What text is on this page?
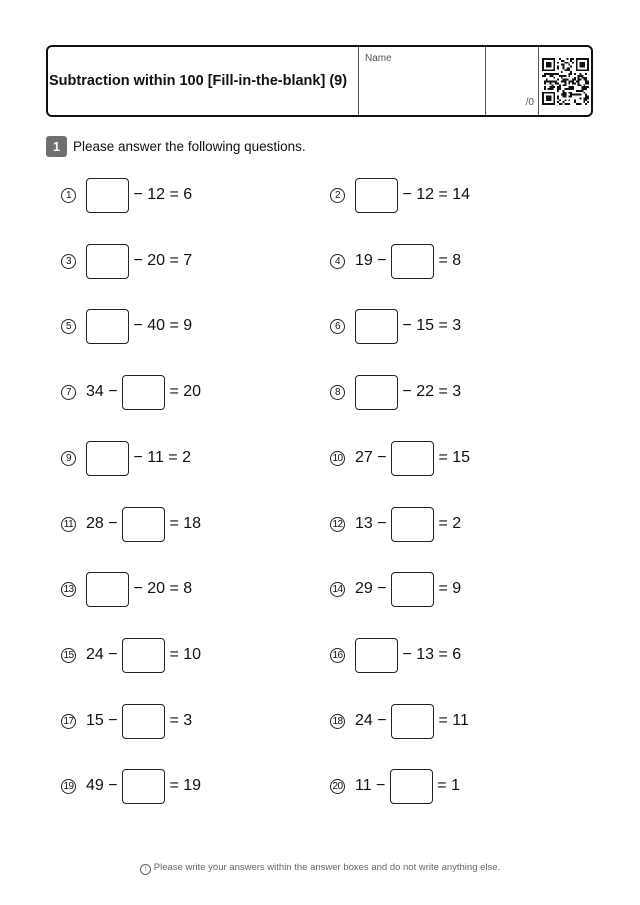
Subtraction within 100 [Fill-in-the-blank] (9)
Name
/0
1 Please answer the following questions.
1	− 12 = 6	2	− 12 = 14
3	− 20 = 7	4 19 −	= 8
5	− 40 = 9	6	− 15 = 3
7 34 −	= 20	8	− 22 = 3
9	− 11 = 2	10 27 −	= 15
11 28 −	= 18	12 13 −	= 2
13	− 20 = 8	14 29 −	= 9
15 24 −	= 10	16	− 13 = 6
17 15 −	= 3	18 24 −	= 11
19 49 −	= 19	20 11 −	= 1
! Please write your answers within the answer boxes and do not write anything else.
